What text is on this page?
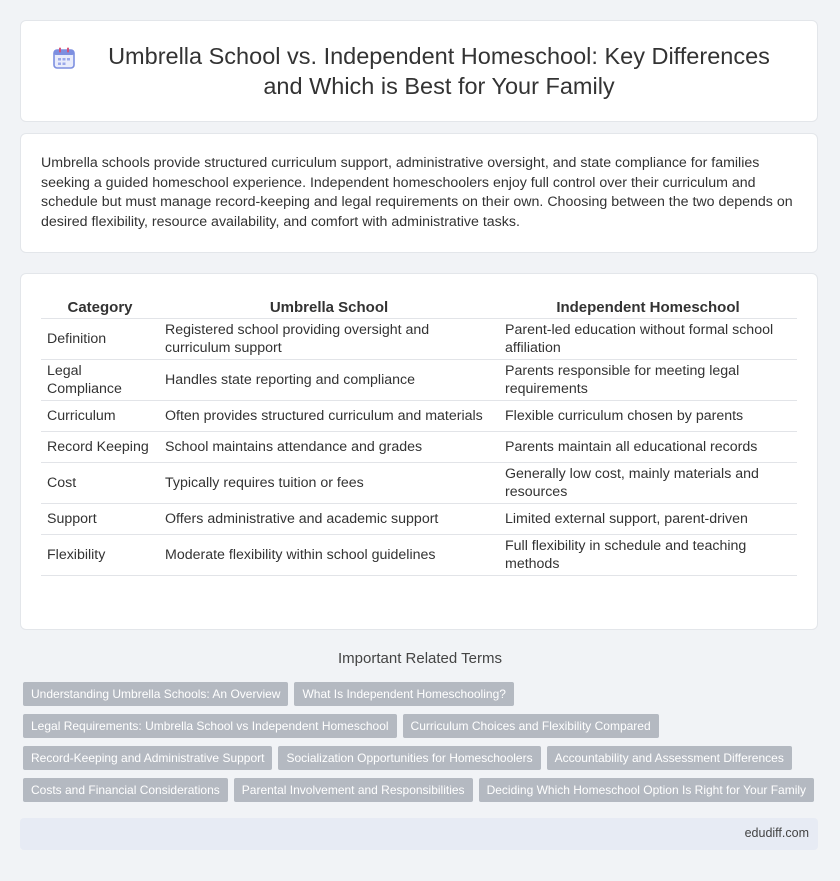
Umbrella School vs. Independent Homeschool: Key Differences and Which is Best for Your Family

Umbrella schools provide structured curriculum support, administrative oversight, and state compliance for families seeking a guided homeschool experience. Independent homeschoolers enjoy full control over their curriculum and schedule but must manage record-keeping and legal requirements on their own. Choosing between the two depends on desired flexibility, resource availability, and comfort with administrative tasks.

Category	Umbrella School	Independent Homeschool
Definition	Registered school providing oversight and curriculum support	Parent-led education without formal school affiliation
Legal Compliance	Handles state reporting and compliance	Parents responsible for meeting legal requirements
Curriculum	Often provides structured curriculum and materials	Flexible curriculum chosen by parents
Record Keeping	School maintains attendance and grades	Parents maintain all educational records
Cost	Typically requires tuition or fees	Generally low cost, mainly materials and resources
Support	Offers administrative and academic support	Limited external support, parent-driven
Flexibility	Moderate flexibility within school guidelines	Full flexibility in schedule and teaching methods
Important Related Terms
Understanding Umbrella Schools: An Overview What Is Independent Homeschooling?
Legal Requirements: Umbrella School vs Independent Homeschool Curriculum Choices and Flexibility Compared
Record-Keeping and Administrative Support Socialization Opportunities for Homeschoolers Accountability and Assessment Differences
Costs and Financial Considerations Parental Involvement and Responsibilities Deciding Which Homeschool Option Is Right for Your Family
edudiff.com
